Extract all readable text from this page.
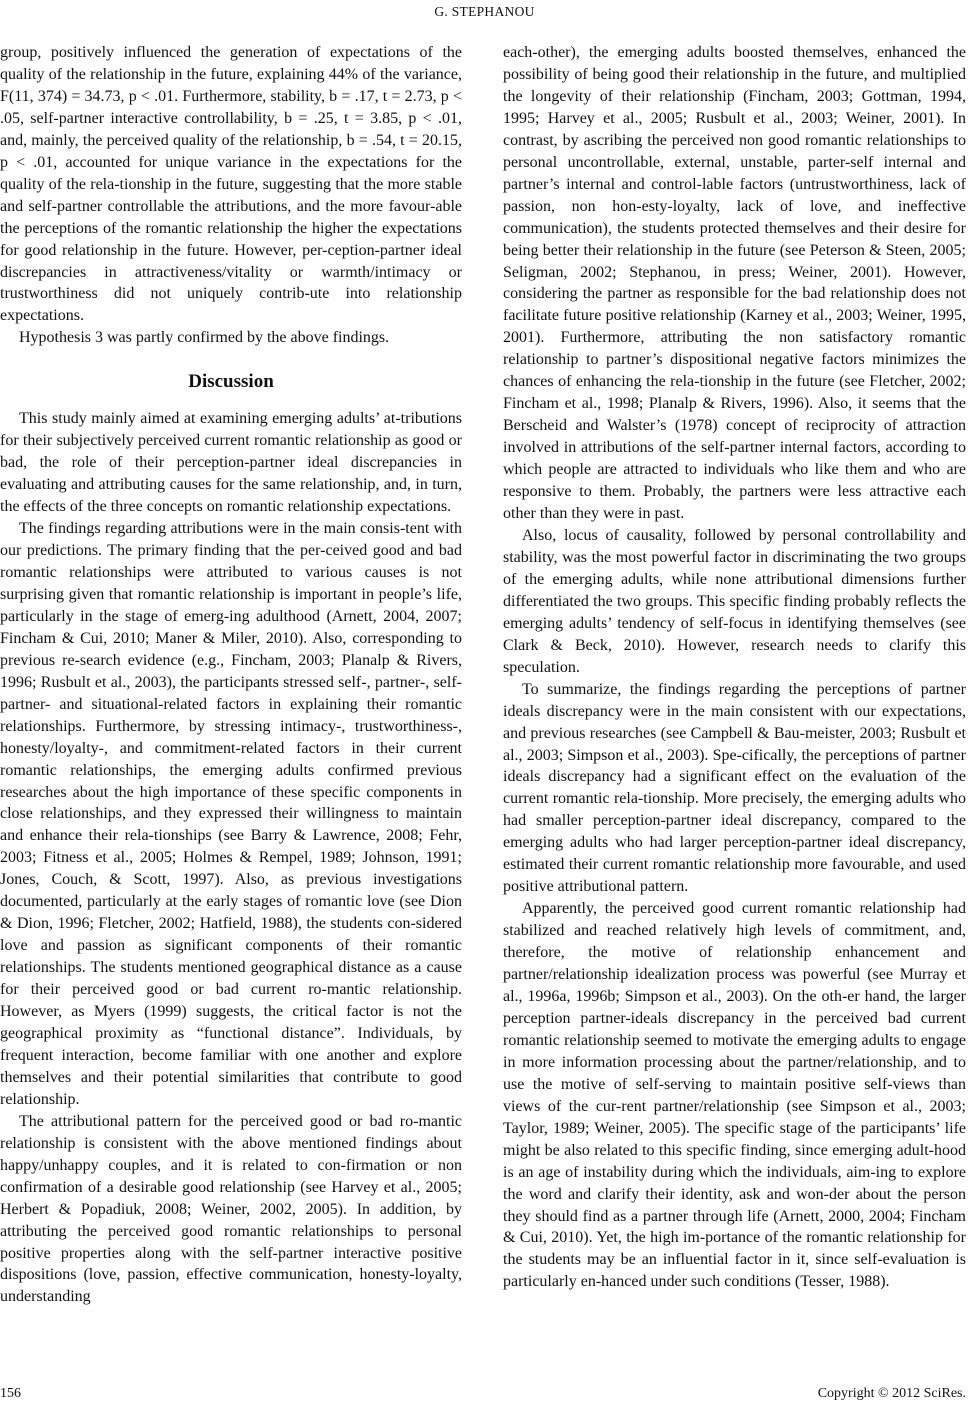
G. STEPHANOU

group, positively influenced the generation of expectations of the quality of the relationship in the future, explaining 44% of the variance, F(11, 374) = 34.73, p < .01. Furthermore, stability, b = .17, t = 2.73, p < .05, self-partner interactive controllability, b = .25, t = 3.85, p < .01, and, mainly, the perceived quality of the relationship, b = .54, t = 20.15, p < .01, accounted for unique variance in the expectations for the quality of the rela-tionship in the future, suggesting that the more stable and self-partner controllable the attributions, and the more favour-able the perceptions of the romantic relationship the higher the expectations for good relationship in the future. However, per-ception-partner ideal discrepancies in attractiveness/vitality or warmth/intimacy or trustworthiness did not uniquely contrib-ute into relationship expectations.

Hypothesis 3 was partly confirmed by the above findings.

Discussion

This study mainly aimed at examining emerging adults’ at-tributions for their subjectively perceived current romantic relationship as good or bad, the role of their perception-partner ideal discrepancies in evaluating and attributing causes for the same relationship, and, in turn, the effects of the three concepts on romantic relationship expectations.

The findings regarding attributions were in the main consis-tent with our predictions. The primary finding that the per-ceived good and bad romantic relationships were attributed to various causes is not surprising given that romantic relationship is important in people’s life, particularly in the stage of emerg-ing adulthood (Arnett, 2004, 2007; Fincham & Cui, 2010; Maner & Miler, 2010). Also, corresponding to previous re-search evidence (e.g., Fincham, 2003; Planalp & Rivers, 1996; Rusbult et al., 2003), the participants stressed self-, partner-, self-partner- and situational-related factors in explaining their romantic relationships. Furthermore, by stressing intimacy-, trustworthiness-, honesty/loyalty-, and commitment-related factors in their current romantic relationships, the emerging adults confirmed previous researches about the high importance of these specific components in close relationships, and they expressed their willingness to maintain and enhance their rela-tionships (see Barry & Lawrence, 2008; Fehr, 2003; Fitness et al., 2005; Holmes & Rempel, 1989; Johnson, 1991; Jones, Couch, & Scott, 1997). Also, as previous investigations documented, particularly at the early stages of romantic love (see Dion & Dion, 1996; Fletcher, 2002; Hatfield, 1988), the students con-sidered love and passion as significant components of their romantic relationships. The students mentioned geographical distance as a cause for their perceived good or bad current ro-mantic relationship. However, as Myers (1999) suggests, the critical factor is not the geographical proximity as “functional distance”. Individuals, by frequent interaction, become familiar with one another and explore themselves and their potential similarities that contribute to good relationship.

The attributional pattern for the perceived good or bad ro-mantic relationship is consistent with the above mentioned findings about happy/unhappy couples, and it is related to con-firmation or non confirmation of a desirable good relationship (see Harvey et al., 2005; Herbert & Popadiuk, 2008; Weiner, 2002, 2005). In addition, by attributing the perceived good romantic relationships to personal positive properties along with the self-partner interactive positive dispositions (love, passion, effective communication, honesty-loyalty, understanding

each-other), the emerging adults boosted themselves, enhanced the possibility of being good their relationship in the future, and multiplied the longevity of their relationship (Fincham, 2003; Gottman, 1994, 1995; Harvey et al., 2005; Rusbult et al., 2003; Weiner, 2001). In contrast, by ascribing the perceived non good romantic relationships to personal uncontrollable, external, unstable, parter-self internal and partner’s internal and control-lable factors (untrustworthiness, lack of passion, non hon-esty-loyalty, lack of love, and ineffective communication), the students protected themselves and their desire for being better their relationship in the future (see Peterson & Steen, 2005; Seligman, 2002; Stephanou, in press; Weiner, 2001). However, considering the partner as responsible for the bad relationship does not facilitate future positive relationship (Karney et al., 2003; Weiner, 1995, 2001). Furthermore, attributing the non satisfactory romantic relationship to partner’s dispositional negative factors minimizes the chances of enhancing the rela-tionship in the future (see Fletcher, 2002; Fincham et al., 1998; Planalp & Rivers, 1996). Also, it seems that the Berscheid and Walster’s (1978) concept of reciprocity of attraction involved in attributions of the self-partner internal factors, according to which people are attracted to individuals who like them and who are responsive to them. Probably, the partners were less attractive each other than they were in past.

Also, locus of causality, followed by personal controllability and stability, was the most powerful factor in discriminating the two groups of the emerging adults, while none attributional dimensions further differentiated the two groups. This specific finding probably reflects the emerging adults’ tendency of self-focus in identifying themselves (see Clark & Beck, 2010). However, research needs to clarify this speculation.

To summarize, the findings regarding the perceptions of partner ideals discrepancy were in the main consistent with our expectations, and previous researches (see Campbell & Bau-meister, 2003; Rusbult et al., 2003; Simpson et al., 2003). Spe-cifically, the perceptions of partner ideals discrepancy had a significant effect on the evaluation of the current romantic rela-tionship. More precisely, the emerging adults who had smaller perception-partner ideal discrepancy, compared to the emerging adults who had larger perception-partner ideal discrepancy, estimated their current romantic relationship more favourable, and used positive attributional pattern.

Apparently, the perceived good current romantic relationship had stabilized and reached relatively high levels of commitment, and, therefore, the motive of relationship enhancement and partner/relationship idealization process was powerful (see Murray et al., 1996a, 1996b; Simpson et al., 2003). On the oth-er hand, the larger perception partner-ideals discrepancy in the perceived bad current romantic relationship seemed to motivate the emerging adults to engage in more information processing about the partner/relationship, and to use the motive of self-serving to maintain positive self-views than views of the cur-rent partner/relationship (see Simpson et al., 2003; Taylor, 1989; Weiner, 2005). The specific stage of the participants’ life might be also related to this specific finding, since emerging adult-hood is an age of instability during which the individuals, aim-ing to explore the word and clarify their identity, ask and won-der about the person they should find as a partner through life (Arnett, 2000, 2004; Fincham & Cui, 2010). Yet, the high im-portance of the romantic relationship for the students may be an influential factor in it, since self-evaluation is particularly en-hanced under such conditions (Tesser, 1988).

156	Copyright © 2012 SciRes.
